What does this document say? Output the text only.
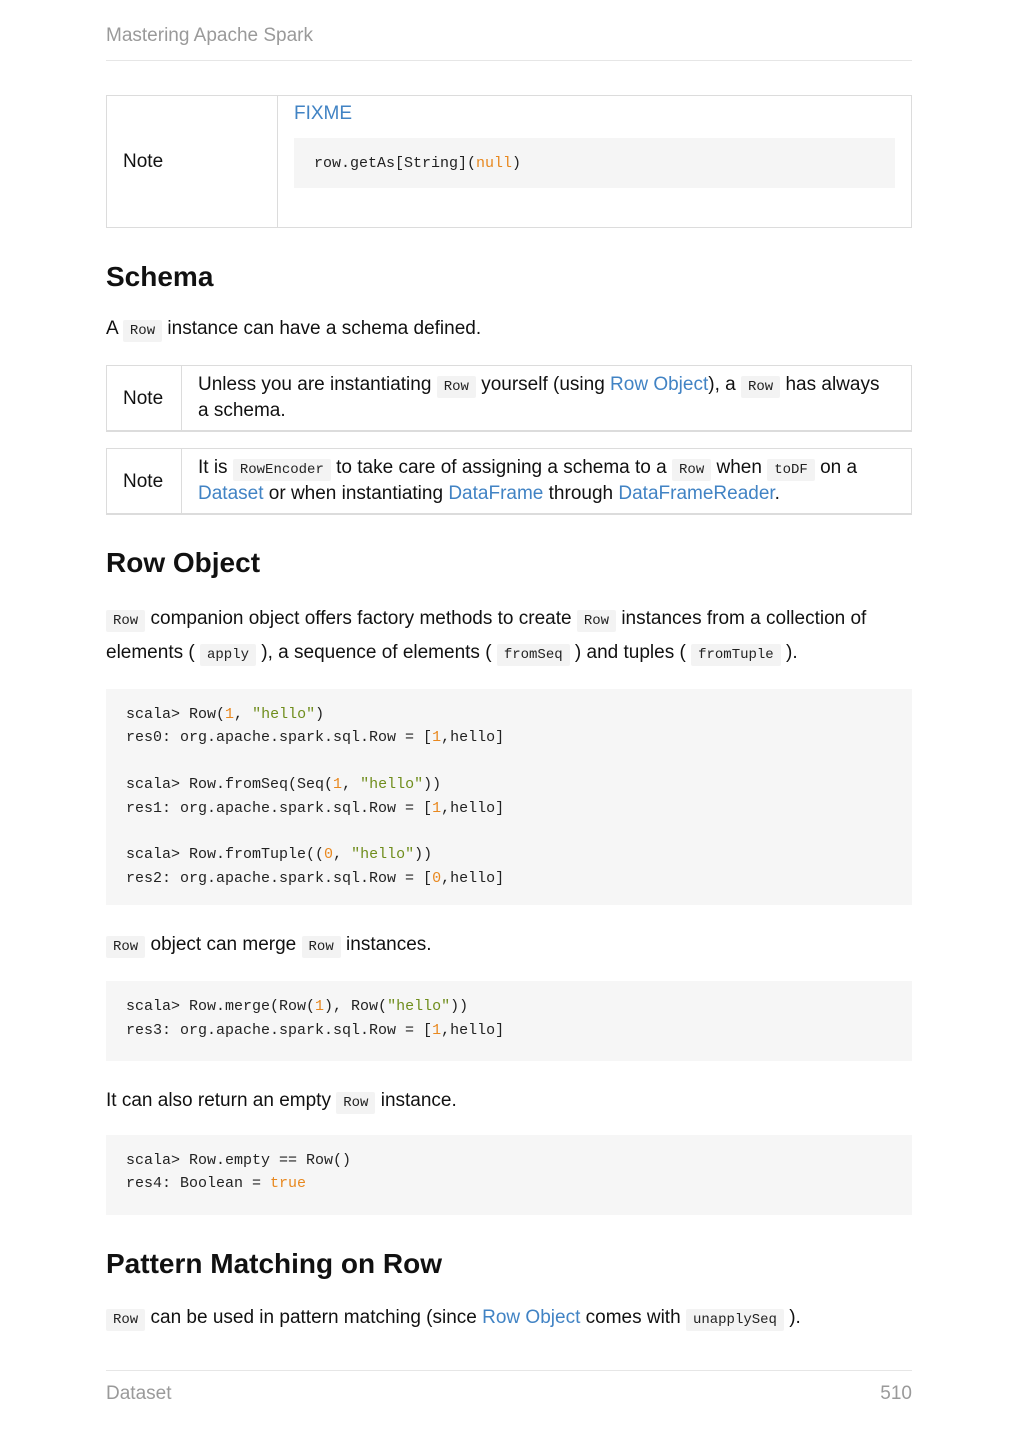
Mastering Apache Spark
Note
FIXME
row.getAs[String]( null )
Schema

A Row instance can have a schema defined.

Note
Unless you are instantiating Row yourself (using Row Object), a Row has always a schema.
Note
It is RowEncoder to take care of assigning a schema to a Row when toDF on a Dataset or when instantiating DataFrame through DataFrameReader.
Row Object

Row companion object offers factory methods to create Row instances from a collection of elements ( apply ), a sequence of elements ( fromSeq ) and tuples ( fromTuple ).

scala> Row(1, "hello")
res0: org.apache.spark.sql.Row = [1,hello]

scala> Row.fromSeq(Seq(1, "hello"))
res1: org.apache.spark.sql.Row = [1,hello]

scala> Row.fromTuple((0, "hello"))
res2: org.apache.spark.sql.Row = [0,hello]

Row object can merge Row instances.

scala> Row.merge(Row(1), Row("hello"))
res3: org.apache.spark.sql.Row = [1,hello]

It can also return an empty Row instance.

scala> Row.empty == Row()
res4: Boolean = true
Pattern Matching on Row

Row can be used in pattern matching (since Row Object comes with unapplySeq ).

Dataset	510
